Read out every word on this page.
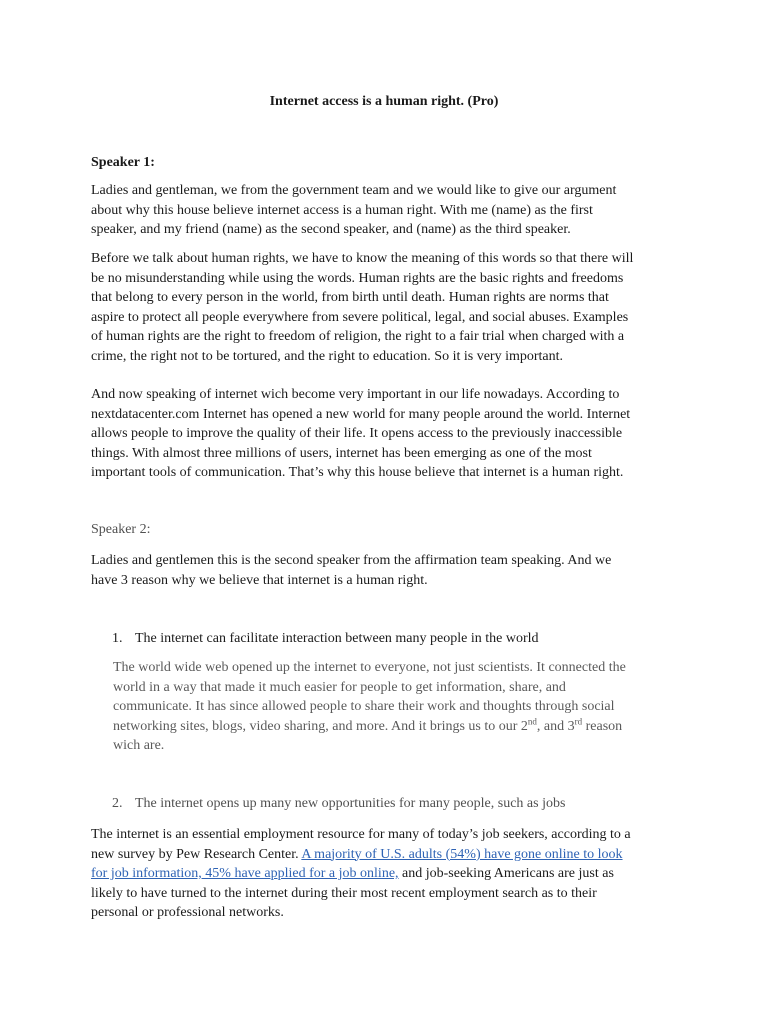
Internet access is a human right. (Pro)
Speaker 1:
Ladies and gentleman, we from the government team and we would like to give our argument
about why this house believe internet access is a human right. With me (name) as the first
speaker, and my friend (name) as the second speaker, and (name) as the third speaker.
Before we talk about human rights, we have to know the meaning of this words so that there will
be no misunderstanding while using the words. Human rights are the basic rights and freedoms
that belong to every person in the world, from birth until death. Human rights are norms that
aspire to protect all people everywhere from severe political, legal, and social abuses. Examples
of human rights are the right to freedom of religion, the right to a fair trial when charged with a
crime, the right not to be tortured, and the right to education. So it is very important.
And now speaking of internet wich become very important in our life nowadays. According to
nextdatacenter.com Internet has opened a new world for many people around the world. Internet
allows people to improve the quality of their life. It opens access to the previously inaccessible
things. With almost three millions of users, internet has been emerging as one of the most
important tools of communication. That’s why this house believe that internet is a human right.
Speaker 2:
Ladies and gentlemen this is the second speaker from the affirmation team speaking. And we
have 3 reason why we believe that internet is a human right.
1. The internet can facilitate interaction between many people in the world
The world wide web opened up the internet to everyone, not just scientists. It connected the
world in a way that made it much easier for people to get information, share, and
communicate. It has since allowed people to share their work and thoughts through social
networking sites, blogs, video sharing, and more. And it brings us to our 2nd, and 3rd reason
wich are.
2. The internet opens up many new opportunities for many people, such as jobs
The internet is an essential employment resource for many of today’s job seekers, according to a
new survey by Pew Research Center. A majority of U.S. adults (54%) have gone online to look
for job information, 45% have applied for a job online, and job-seeking Americans are just as
likely to have turned to the internet during their most recent employment search as to their
personal or professional networks.
